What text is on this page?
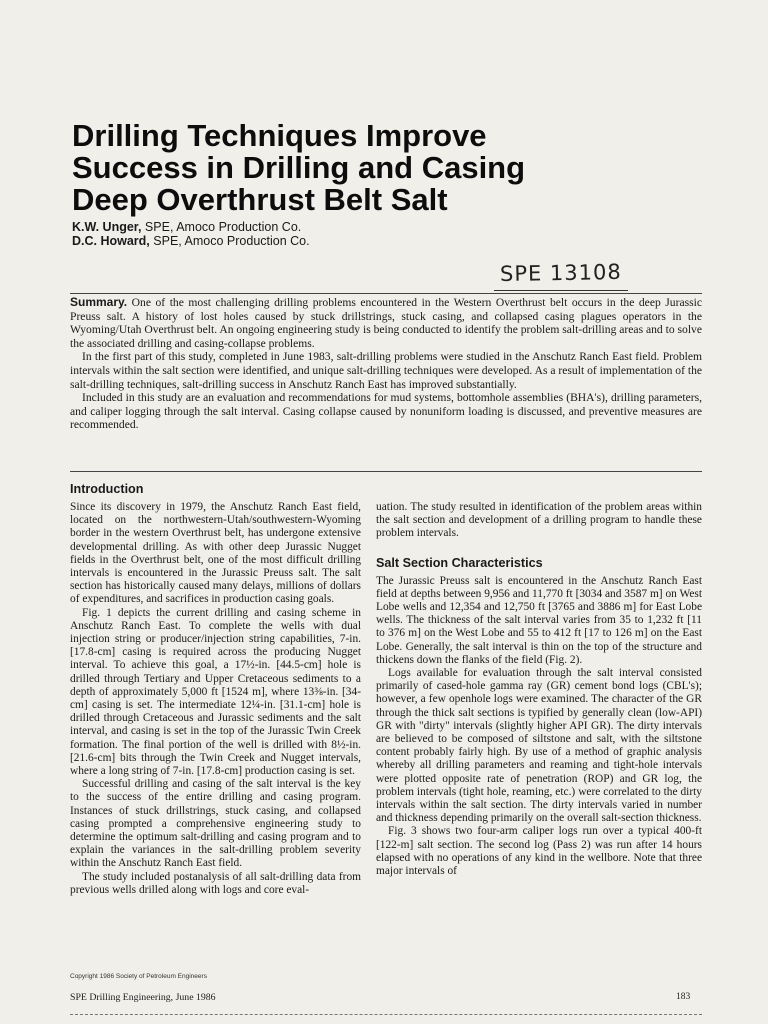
Drilling Techniques Improve
Success in Drilling and Casing
Deep Overthrust Belt Salt
K.W. Unger, SPE, Amoco Production Co.
D.C. Howard, SPE, Amoco Production Co.
SPE 13108

Summary. One of the most challenging drilling problems encountered in the Western Overthrust belt occurs in the deep Jurassic Preuss salt. A history of lost holes caused by stuck drillstrings, stuck casing, and collapsed casing plagues operators in the Wyoming/Utah Overthrust belt. An ongoing engineering study is being conducted to identify the problem salt-drilling areas and to solve the associated drilling and casing-collapse problems.

In the first part of this study, completed in June 1983, salt-drilling problems were studied in the Anschutz Ranch East field. Problem intervals within the salt section were identified, and unique salt-drilling techniques were developed. As a result of implementation of the salt-drilling techniques, salt-drilling success in Anschutz Ranch East has improved substantially.

Included in this study are an evaluation and recommendations for mud systems, bottomhole assemblies (BHA's), drilling parameters, and caliper logging through the salt interval. Casing collapse caused by nonuniform loading is discussed, and preventive measures are recommended.

Introduction

Since its discovery in 1979, the Anschutz Ranch East field, located on the northwestern-Utah/southwestern-Wyoming border in the western Overthrust belt, has undergone extensive developmental drilling. As with other deep Jurassic Nugget fields in the Overthrust belt, one of the most difficult drilling intervals is encountered in the Jurassic Preuss salt. The salt section has historically caused many delays, millions of dollars of expenditures, and sacrifices in production casing goals.

Fig. 1 depicts the current drilling and casing scheme in Anschutz Ranch East. To complete the wells with dual injection string or producer/injection string capabilities, 7-in. [17.8-cm] casing is required across the producing Nugget interval. To achieve this goal, a 17½-in. [44.5-cm] hole is drilled through Tertiary and Upper Cretaceous sediments to a depth of approximately 5,000 ft [1524 m], where 13⅜-in. [34-cm] casing is set. The intermediate 12¼-in. [31.1-cm] hole is drilled through Cretaceous and Jurassic sediments and the salt interval, and casing is set in the top of the Jurassic Twin Creek formation. The final portion of the well is drilled with 8½-in. [21.6-cm] bits through the Twin Creek and Nugget intervals, where a long string of 7-in. [17.8-cm] production casing is set.

Successful drilling and casing of the salt interval is the key to the success of the entire drilling and casing program. Instances of stuck drillstrings, stuck casing, and collapsed casing prompted a comprehensive engineering study to determine the optimum salt-drilling and casing program and to explain the variances in the salt-drilling problem severity within the Anschutz Ranch East field.

The study included postanalysis of all salt-drilling data from previous wells drilled along with logs and core eval-

uation. The study resulted in identification of the problem areas within the salt section and development of a drilling program to handle these problem intervals.

Salt Section Characteristics

The Jurassic Preuss salt is encountered in the Anschutz Ranch East field at depths between 9,956 and 11,770 ft [3034 and 3587 m] on West Lobe wells and 12,354 and 12,750 ft [3765 and 3886 m] for East Lobe wells. The thickness of the salt interval varies from 35 to 1,232 ft [11 to 376 m] on the West Lobe and 55 to 412 ft [17 to 126 m] on the East Lobe. Generally, the salt interval is thin on the top of the structure and thickens down the flanks of the field (Fig. 2).

Logs available for evaluation through the salt interval consisted primarily of cased-hole gamma ray (GR) cement bond logs (CBL's); however, a few openhole logs were examined. The character of the GR through the thick salt sections is typified by generally clean (low-API) GR with "dirty" intervals (slightly higher API GR). The dirty intervals are believed to be composed of siltstone and salt, with the siltstone content probably fairly high. By use of a method of graphic analysis whereby all drilling parameters and reaming and tight-hole intervals were plotted opposite rate of penetration (ROP) and GR log, the problem intervals (tight hole, reaming, etc.) were correlated to the dirty intervals within the salt section. The dirty intervals varied in number and thickness depending primarily on the overall salt-section thickness.

Fig. 3 shows two four-arm caliper logs run over a typical 400-ft [122-m] salt section. The second log (Pass 2) was run after 14 hours elapsed with no operations of any kind in the wellbore. Note that three major intervals of

Copyright 1986 Society of Petroleum Engineers
SPE Drilling Engineering, June 1986	183
